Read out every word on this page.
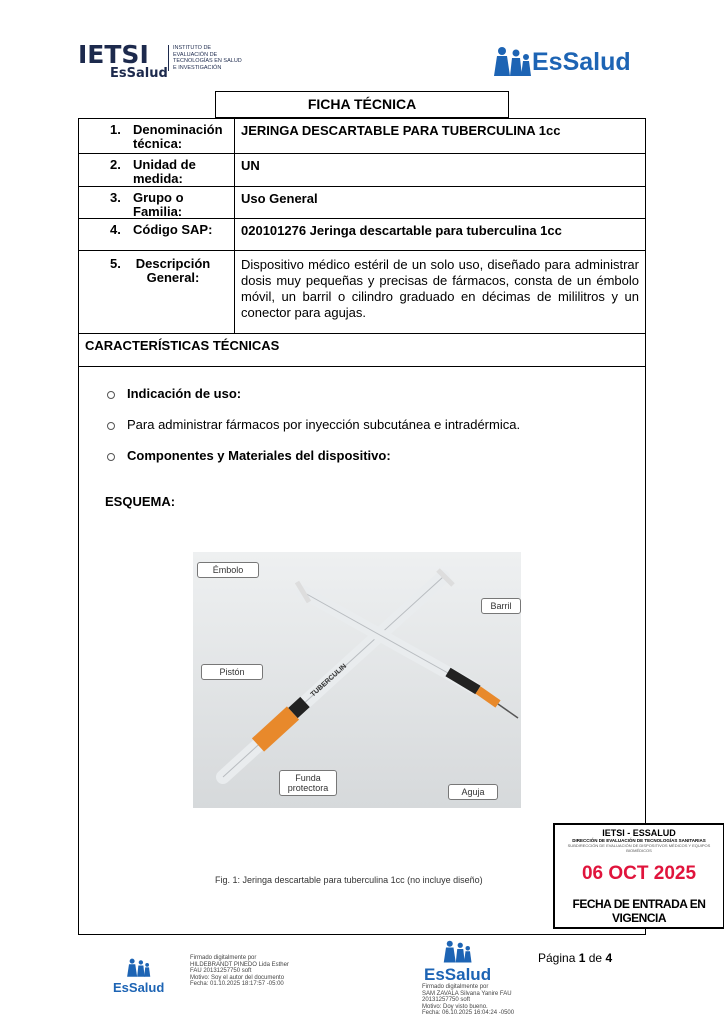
IETSI
EsSalud
INSTITUTO DE EVALUACIÓN DE TECNOLOGÍAS EN SALUD E INVESTIGACIÓN	EsSalud
FICHA TÉCNICA
1. Denominación técnica:
JERINGA DESCARTABLE PARA TUBERCULINA 1cc
2. Unidad de medida:
UN
3. Grupo o Familia:
Uso General
4. Código SAP:	020101276 Jeringa descartable para tuberculina 1cc
5. Descripción General:
Dispositivo médico estéril de un solo uso, diseñado para administrar dosis muy pequeñas y precisas de fármacos, consta de un émbolo móvil, un barril o cilindro graduado en décimas de mililitros y un conector para agujas.
CARACTERÍSTICAS TÉCNICAS
Indicación de uso:
Para administrar fármacos por inyección subcutánea e intradérmica.
Componentes y Materiales del dispositivo:
ESQUEMA:
Fig. 1: Jeringa descartable para tuberculina 1cc (no incluye diseño)
TUBERCULIN
Émbolo
Barril
Pistón
Funda protectora	Aguja
IETSI - ESSALUD
DIRECCIÓN DE EVALUACIÓN DE TECNOLOGÍAS SANITARIAS
SUBDIRECCIÓN DE EVALUACIÓN DE DISPOSITIVOS MÉDICOS Y EQUIPOS BIOMÉDICOS
06 OCT 2025
FECHA DE ENTRADA EN VIGENCIA
EsSalud
Firmado digitalmente por
HILDEBRANDT PINEDO Lida Esther
FAU 20131257750 soft
Motivo: Soy el autor del documento
Fecha: 01.10.2025 18:17:57 -05:00	EsSalud
Firmado digitalmente por
SAM ZAVALA Silvana Yanire FAU
20131257750 soft
Motivo: Doy visto bueno.
Fecha: 06.10.2025 16:04:24 -0500
Página 1 de 4
